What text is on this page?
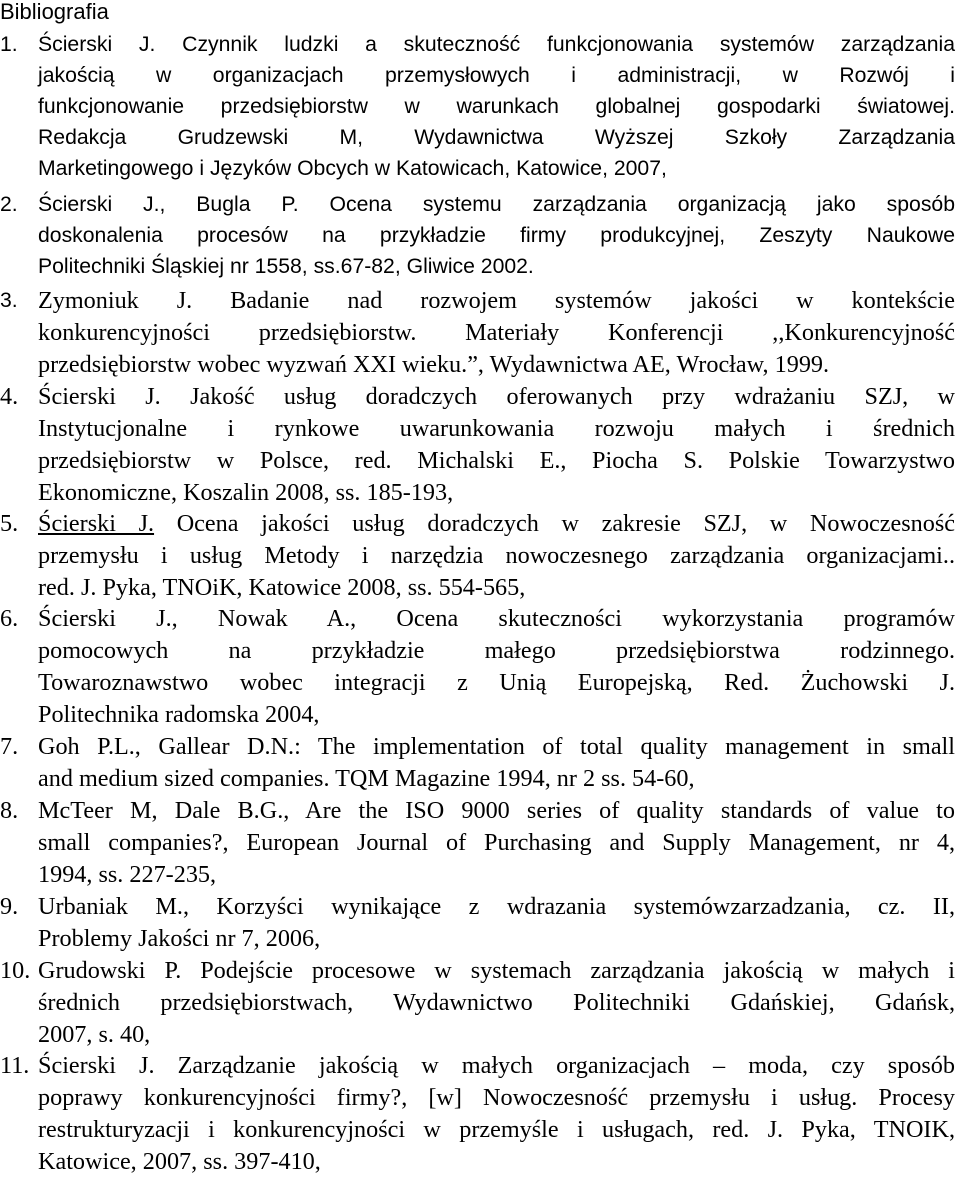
Bibliografia
1. Ścierski J. Czynnik ludzki a skuteczność funkcjonowania systemów zarządzania
jakością w organizacjach przemysłowych i administracji, w Rozwój i
funkcjonowanie przedsiębiorstw w warunkach globalnej gospodarki światowej.
Redakcja Grudzewski M, Wydawnictwa Wyższej Szkoły Zarządzania
Marketingowego i Języków Obcych w Katowicach, Katowice, 2007,
2. Ścierski J., Bugla P. Ocena systemu zarządzania organizacją jako sposób
doskonalenia procesów na przykładzie firmy produkcyjnej, Zeszyty Naukowe
Politechniki Śląskiej nr 1558, ss.67-82, Gliwice 2002.
3. Zymoniuk J. Badanie nad rozwojem systemów jakości w kontekście
konkurencyjności przedsiębiorstw. Materiały Konferencji ,,Konkurencyjność
przedsiębiorstw wobec wyzwań XXI wieku.”, Wydawnictwa AE, Wrocław, 1999.
4. Ścierski J. Jakość usług doradczych oferowanych przy wdrażaniu SZJ, w
Instytucjonalne i rynkowe uwarunkowania rozwoju małych i średnich
przedsiębiorstw w Polsce, red. Michalski E., Piocha S. Polskie Towarzystwo
Ekonomiczne, Koszalin 2008, ss. 185-193,
5. Ścierski J. Ocena jakości usług doradczych w zakresie SZJ, w Nowoczesność
przemysłu i usług Metody i narzędzia nowoczesnego zarządzania organizacjami..
red. J. Pyka, TNOiK, Katowice 2008, ss. 554-565,
6. Ścierski J., Nowak A., Ocena skuteczności wykorzystania programów
pomocowych na przykładzie małego przedsiębiorstwa rodzinnego.
Towaroznawstwo wobec integracji z Unią Europejską, Red. Żuchowski J.
Politechnika radomska 2004,
7. Goh P.L., Gallear D.N.: The implementation of total quality management in small
and medium sized companies. TQM Magazine 1994, nr 2 ss. 54-60,
8. McTeer M, Dale B.G., Are the ISO 9000 series of quality standards of value to
small companies?, European Journal of Purchasing and Supply Management, nr 4,
1994, ss. 227-235,
9. Urbaniak M., Korzyści wynikające z wdrazania systemówzarzadzania, cz. II,
Problemy Jakości nr 7, 2006,
10. Grudowski P. Podejście procesowe w systemach zarządzania jakością w małych i
średnich przedsiębiorstwach, Wydawnictwo Politechniki Gdańskiej, Gdańsk,
2007, s. 40,
11. Ścierski J. Zarządzanie jakością w małych organizacjach – moda, czy sposób
poprawy konkurencyjności firmy?, [w] Nowoczesność przemysłu i usług. Procesy
restrukturyzacji i konkurencyjności w przemyśle i usługach, red. J. Pyka, TNOIK,
Katowice, 2007, ss. 397-410,
